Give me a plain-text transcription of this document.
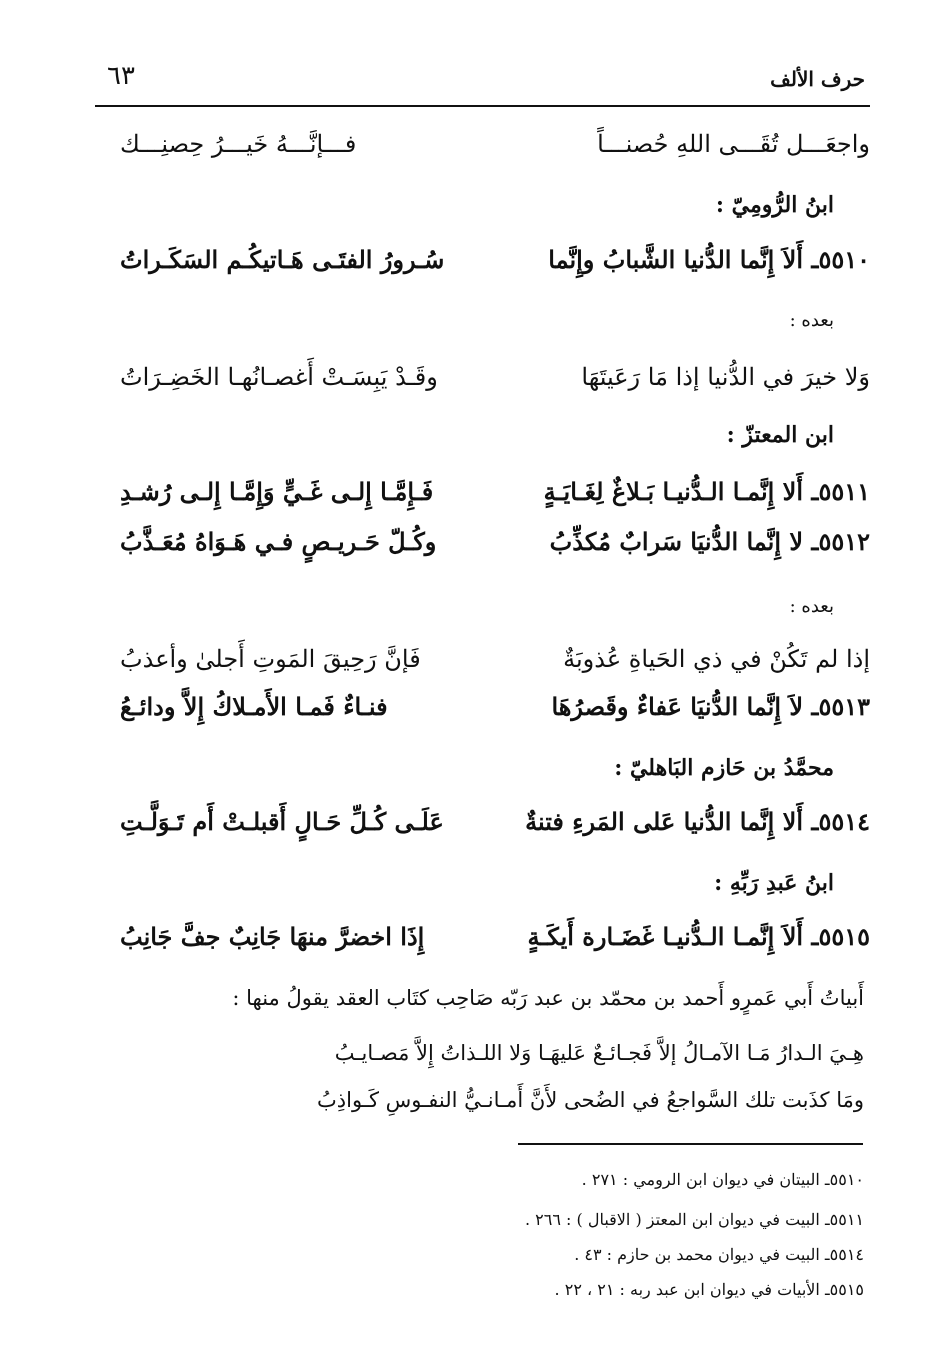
٦٣	حرف الألف
واجعَـــل تُقَـــى اللهِ حُصنـــاً
فـــإنَّـــهُ خَيـــرُ حِصنِـــك
ابنُ الرُّومِيّ :
٥٥١٠ـ أَلاَ إِنَّما الدُّنيا الشَّبابُ وإِنَّما
سُـرورُ الفتَـى هَـاتيكُـم السَكَـراتُ
بعده :
وَلا خيرَ في الدُّنيا إذا مَا رَعَيتَهَا
وقَـدْ يَبِسَـتْ أَغصـانُهـا الخَضِـرَاتُ
ابن المعتزّ :
٥٥١١ـ أَلا إِنَّمـا الـدُّنيـا بَـلاغٌ لِغَـايَـةٍ
فَـإِمَّـا إِلـى غَـيٍّ وَإِمَّـا إِلـى رُشـدِ
٥٥١٢ـ لا إِنَّما الدُّنيَا سَرابٌ مُكذِّبُ
وكُـلّ حَـريـصٍ فـي هَـوَاهُ مُعَـذَّبُ
بعده :
إذا لم تَكُنْ في ذي الحَياةِ عُذوبَةٌ
فَإنَّ رَحِيقَ المَوتِ أَجلىٰ وأعذبُ
٥٥١٣ـ لاَ إِنَّما الدُّنيَا عَفاءٌ وقَصرُهَا
فنـاءٌ فَمـا الأَمـلاكُ إِلاَّ ودائـعُ
محمَّدُ بن حَازم البَاهليّ :
٥٥١٤ـ أَلا إِنَّما الدُّنيا عَلى المَرءِ فتنةٌ
عَلَـى كُـلِّ حَـالٍ أَقبلـتْ أَم تَـوَلَّـتِ
ابنُ عَبدِ رَبِّهِ :
٥٥١٥ـ أَلاَ إِنَّمـا الـدُّنيـا غَضَـارة أَيكَـةٍ
إِذَا اخضرَّ منهَا جَانِبٌ جفَّ جَانِبُ
أَبياتُ أَبي عَمرٍو أَحمد بن محمّد بن عبد رَبّه صَاحِب كتَاب العقد يقولُ منها :
هِـيَ الـدارُ مَـا الآمـالُ إلاَّ فَجـائـعٌ عَليهَـا وَلا اللـذاتُ إِلاَّ مَصـايـبُ
ومَا كذَبت تلك السَّواجعُ في الضُحى لأَنَّ أَمـانـيُّ النفـوسِ كَـواذِبُ
٥٥١٠ـ البيتان في ديوان ابن الرومي : ٢٧١ .
٥٥١١ـ البيت في ديوان ابن المعتز ( الاقبال ) : ٢٦٦ .
٥٥١٤ـ البيت في ديوان محمد بن حازم : ٤٣ .
٥٥١٥ـ الأبيات في ديوان ابن عبد ربه : ٢١ ، ٢٢ .
